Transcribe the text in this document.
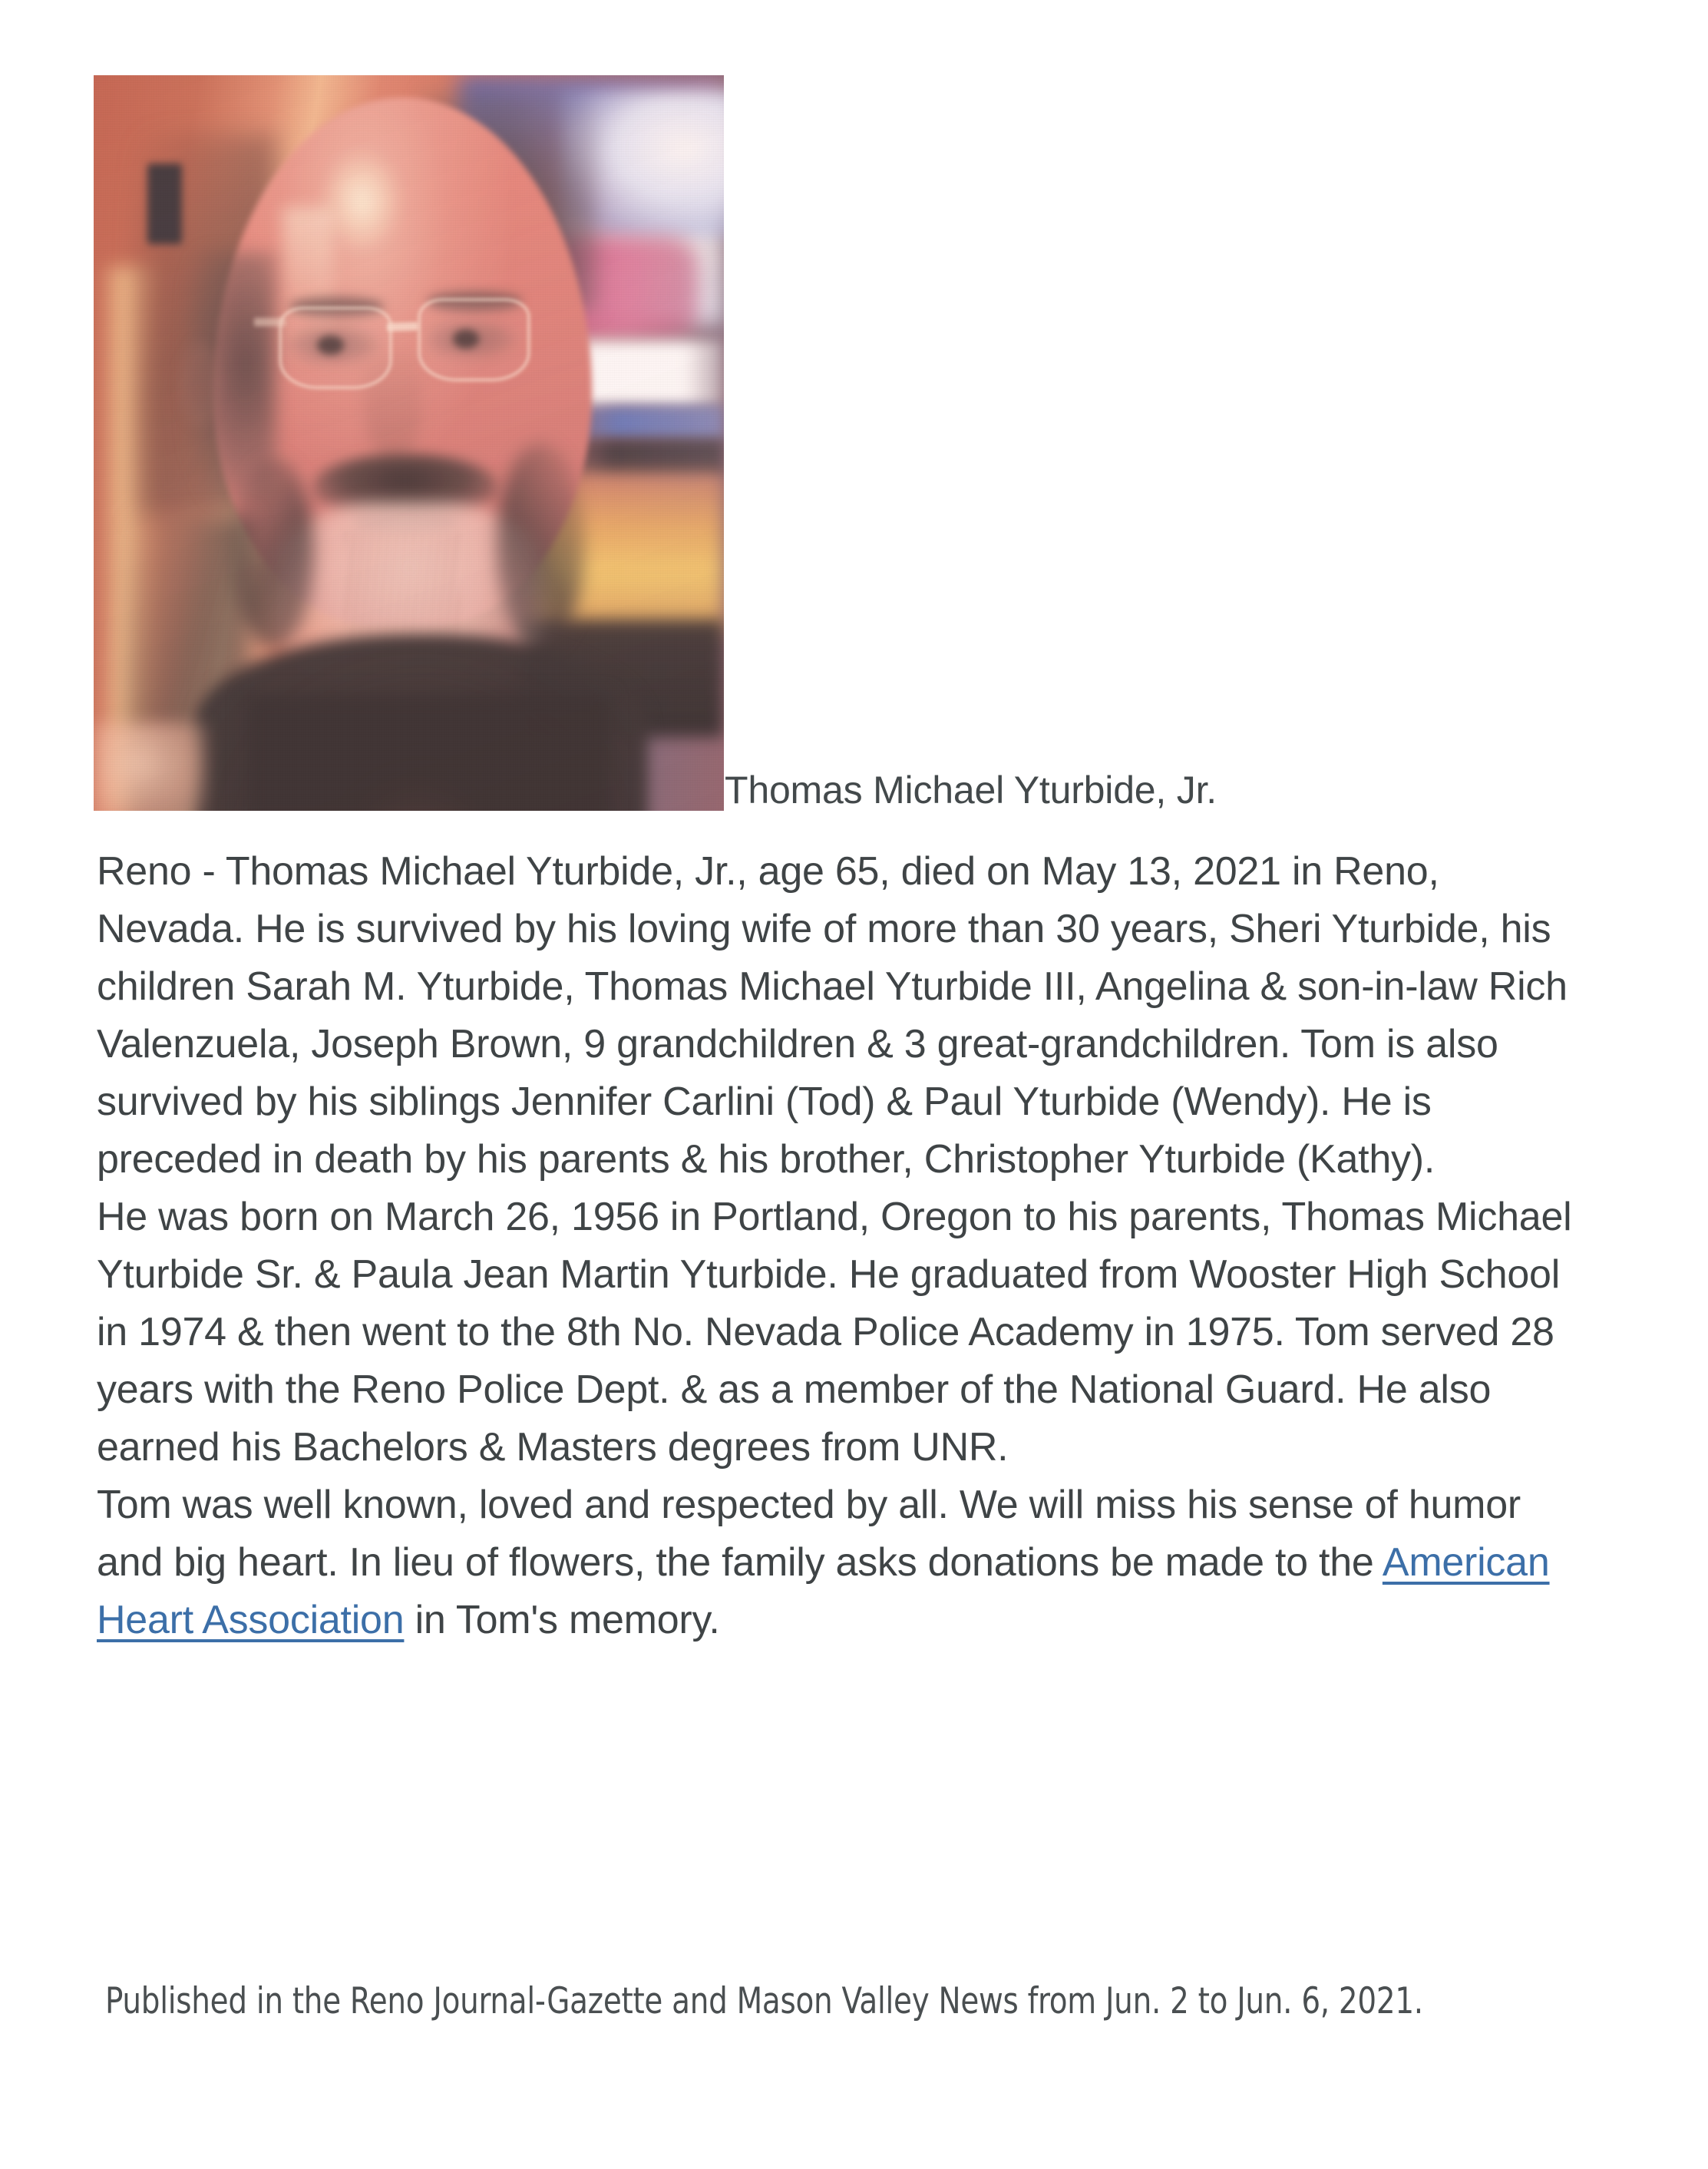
Thomas Michael Yturbide, Jr.

Reno - Thomas Michael Yturbide, Jr., age 65, died on May 13, 2021 in Reno, Nevada. He is survived by his loving wife of more than 30 years, Sheri Yturbide, his children Sarah M. Yturbide, Thomas Michael Yturbide III, Angelina & son-in-law Rich Valenzuela, Joseph Brown, 9 grandchildren & 3 great-grandchildren. Tom is also survived by his siblings Jennifer Carlini (Tod) & Paul Yturbide (Wendy). He is preceded in death by his parents & his brother, Christopher Yturbide (Kathy).

He was born on March 26, 1956 in Portland, Oregon to his parents, Thomas Michael Yturbide Sr. & Paula Jean Martin Yturbide. He graduated from Wooster High School in 1974 & then went to the 8th No. Nevada Police Academy in 1975. Tom served 28 years with the Reno Police Dept. & as a member of the National Guard. He also earned his Bachelors & Masters degrees from UNR.

Tom was well known, loved and respected by all. We will miss his sense of humor and big heart. In lieu of flowers, the family asks donations be made to the American Heart Association in Tom's memory.

Published in the Reno Journal-Gazette and Mason Valley News from Jun. 2 to Jun. 6, 2021.
